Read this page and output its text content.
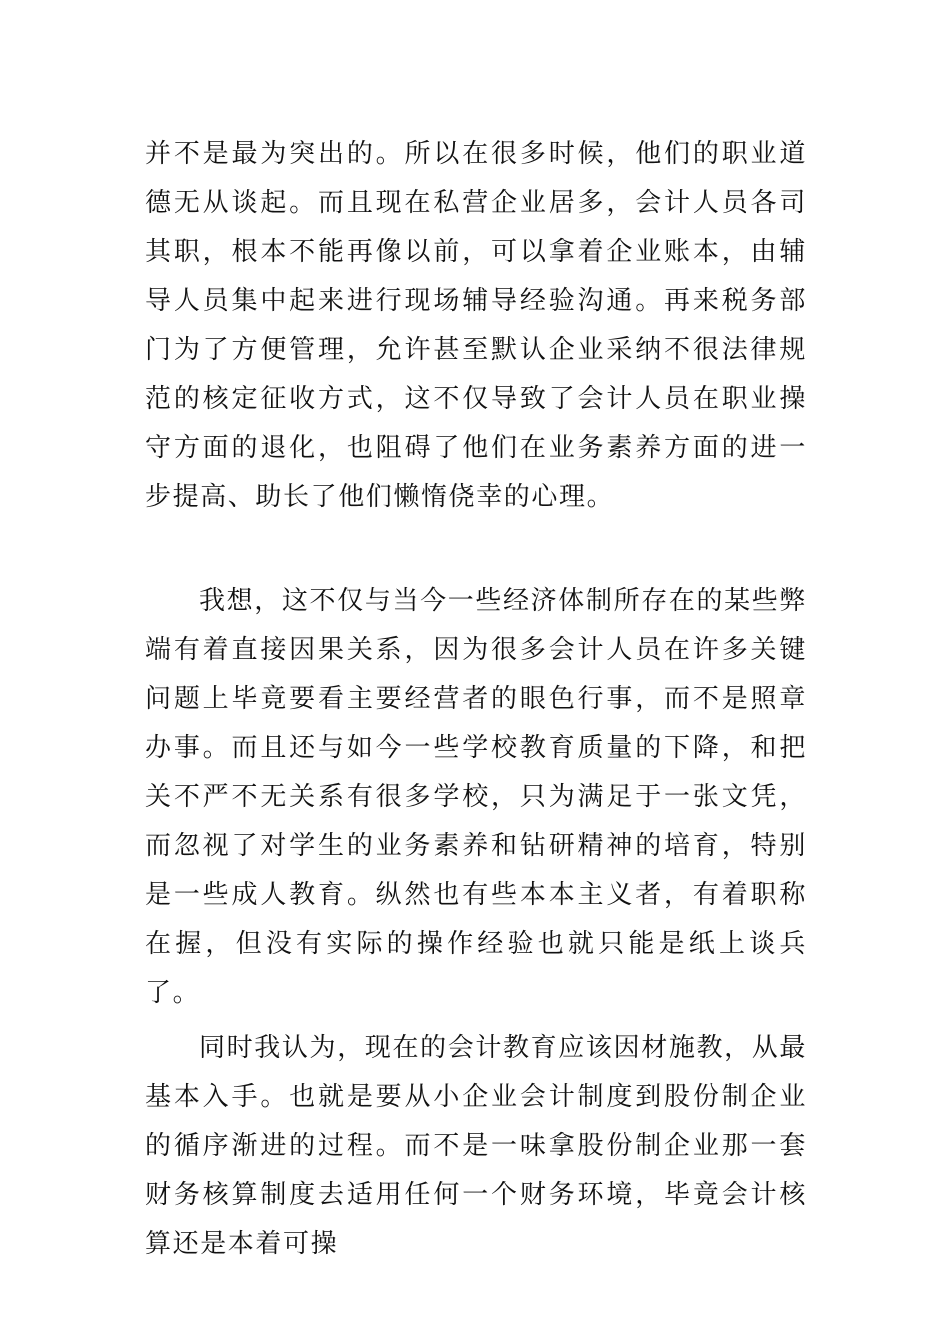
并不是最为突出的。所以在很多时候，他们的职业道德无从谈起。而且现在私营企业居多，会计人员各司其职，根本不能再像以前，可以拿着企业账本，由辅导人员集中起来进行现场辅导经验沟通。再来税务部门为了方便管理，允许甚至默认企业采纳不很法律规范的核定征收方式，这不仅导致了会计人员在职业操守方面的退化，也阻碍了他们在业务素养方面的进一步提高、助长了他们懒惰侥幸的心理。

我想，这不仅与当今一些经济体制所存在的某些弊端有着直接因果关系，因为很多会计人员在许多关键问题上毕竟要看主要经营者的眼色行事，而不是照章办事。而且还与如今一些学校教育质量的下降，和把关不严不无关系有很多学校，只为满足于一张文凭，而忽视了对学生的业务素养和钻研精神的培育，特别是一些成人教育。纵然也有些本本主义者，有着职称在握，但没有实际的操作经验也就只能是纸上谈兵了。

同时我认为，现在的会计教育应该因材施教，从最基本入手。也就是要从小企业会计制度到股份制企业的循序渐进的过程。而不是一味拿股份制企业那一套财务核算制度去适用任何一个财务环境，毕竟会计核算还是本着可操
